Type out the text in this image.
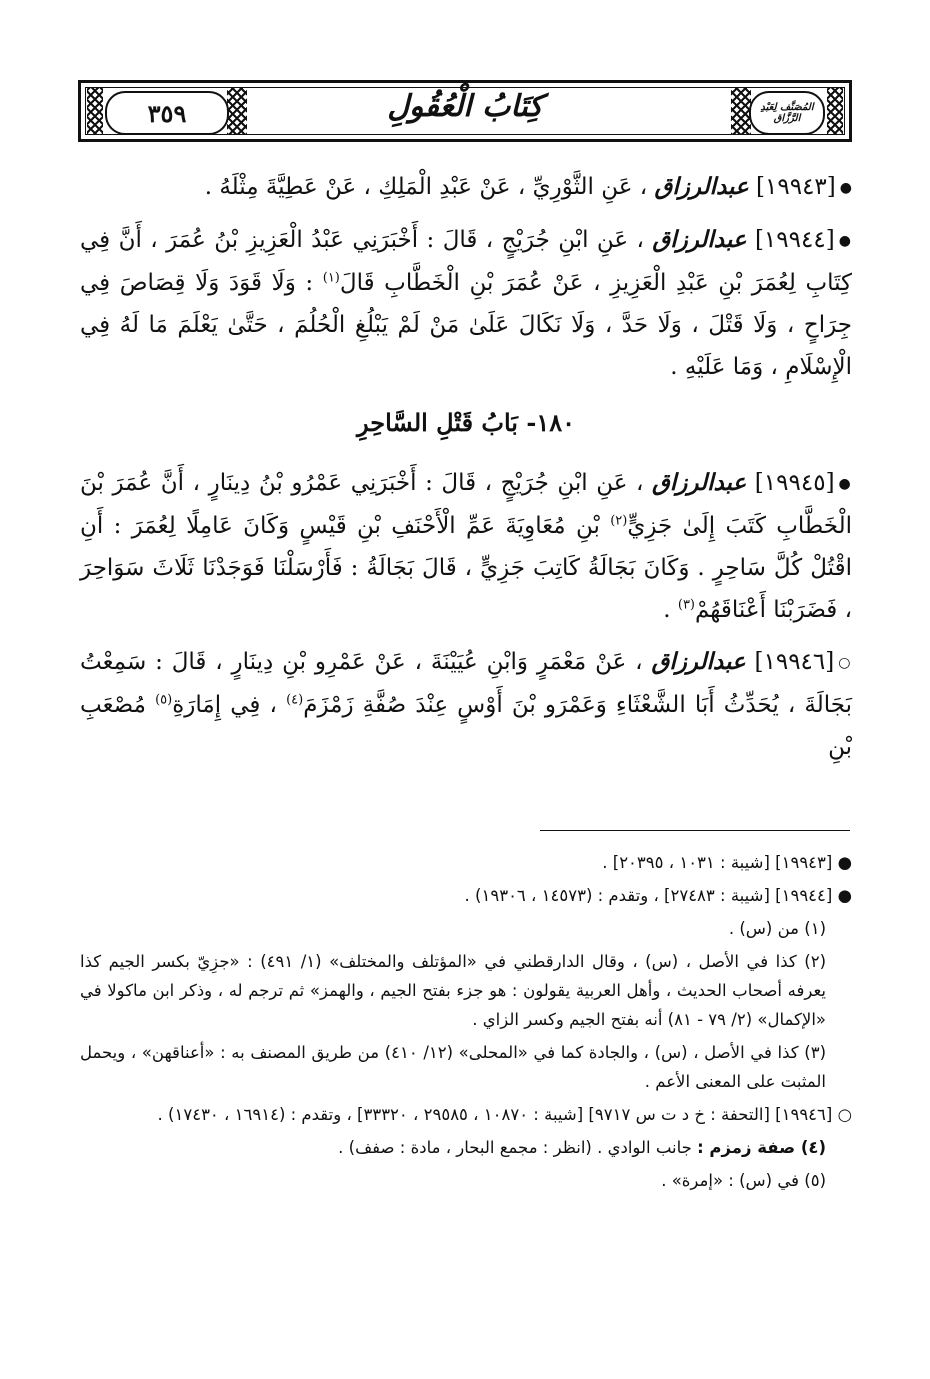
٣٥٩	كِتَابُ الْعُقُولِ	المُصَنَّف لِعَبْدِ الرَّزَّاق

●[١٩٩٤٣] عبدالرزاق ، عَنِ الثَّوْرِيِّ ، عَنْ عَبْدِ الْمَلِكِ ، عَنْ عَطِيَّةَ مِثْلَهُ .

●[١٩٩٤٤] عبدالرزاق ، عَنِ ابْنِ جُرَيْجٍ ، قَالَ : أَخْبَرَنِي عَبْدُ الْعَزِيزِ بْنُ عُمَرَ ، أَنَّ فِي كِتَابِ لِعُمَرَ بْنِ عَبْدِ الْعَزِيزِ ، عَنْ عُمَرَ بْنِ الْخَطَّابِ قَالَ$^{(١)}$ : وَلَا قَوَدَ وَلَا قِصَاصَ فِي جِرَاحٍ ، وَلَا قَتْلَ ، وَلَا حَدَّ ، وَلَا نَكَالَ عَلَىٰ مَنْ لَمْ يَبْلُغِ الْحُلُمَ ، حَتَّىٰ يَعْلَمَ مَا لَهُ فِي الْإِسْلَامِ ، وَمَا عَلَيْهِ .

١٨٠- بَابُ قَتْلِ السَّاحِرِ

●[١٩٩٤٥] عبدالرزاق ، عَنِ ابْنِ جُرَيْجٍ ، قَالَ : أَخْبَرَنِي عَمْرُو بْنُ دِينَارٍ ، أَنَّ عُمَرَ بْنَ الْخَطَّابِ كَتَبَ إِلَىٰ جَزِيٍّ$^{(٢)}$ بْنِ مُعَاوِيَةَ عَمِّ الْأَحْنَفِ بْنِ قَيْسٍ وَكَانَ عَامِلًا لِعُمَرَ : أَنِ اقْتُلْ كُلَّ سَاحِرٍ . وَكَانَ بَجَالَةُ كَاتِبَ جَزِيٍّ ، قَالَ بَجَالَةُ : فَأَرْسَلْنَا فَوَجَدْنَا ثَلَاثَ سَوَاحِرَ ، فَضَرَبْنَا أَعْنَاقَهُمْ$^{(٣)}$ .

○[١٩٩٤٦] عبدالرزاق ، عَنْ مَعْمَرٍ وَابْنِ عُيَيْنَةَ ، عَنْ عَمْرِو بْنِ دِينَارٍ ، قَالَ : سَمِعْتُ بَجَالَةَ ، يُحَدِّثُ أَبَا الشَّعْثَاءِ وَعَمْرَو بْنَ أَوْسٍ عِنْدَ صُفَّةِ زَمْزَمَ$^{(٤)}$ ، فِي إِمَارَةِ$^{(٥)}$ مُصْعَبِ بْنِ

● [١٩٩٤٣] [شيبة : ١٠٣١ ، ٢٠٣٩٥] .

● [١٩٩٤٤] [شيبة : ٢٧٤٨٣] ، وتقدم : (١٤٥٧٣ ، ١٩٣٠٦) .

(١) من (س) .

(٢) كذا في الأصل ، (س) ، وقال الدارقطني في «المؤتلف والمختلف» (١/ ٤٩١) : «جزِيّ بكسر الجيم كذا يعرفه أصحاب الحديث ، وأهل العربية يقولون : هو جزء بفتح الجيم ، والهمز» ثم ترجم له ، وذكر ابن ماكولا في «الإكمال» (٢/ ٧٩ - ٨١) أنه بفتح الجيم وكسر الزاي .

(٣) كذا في الأصل ، (س) ، والجادة كما في «المحلى» (١٢/ ٤١٠) من طريق المصنف به : «أعناقهن» ، ويحمل المثبت على المعنى الأعم .

○ [١٩٩٤٦] [التحفة : خ د ت س ٩٧١٧] [شيبة : ١٠٨٧٠ ، ٢٩٥٨٥ ، ٣٣٣٢٠] ، وتقدم : (١٦٩١٤ ، ١٧٤٣٠) .

(٤) صفة زمزم : جانب الوادي . (انظر : مجمع البحار ، مادة : صفف) .

(٥) في (س) : «إمرة» .
